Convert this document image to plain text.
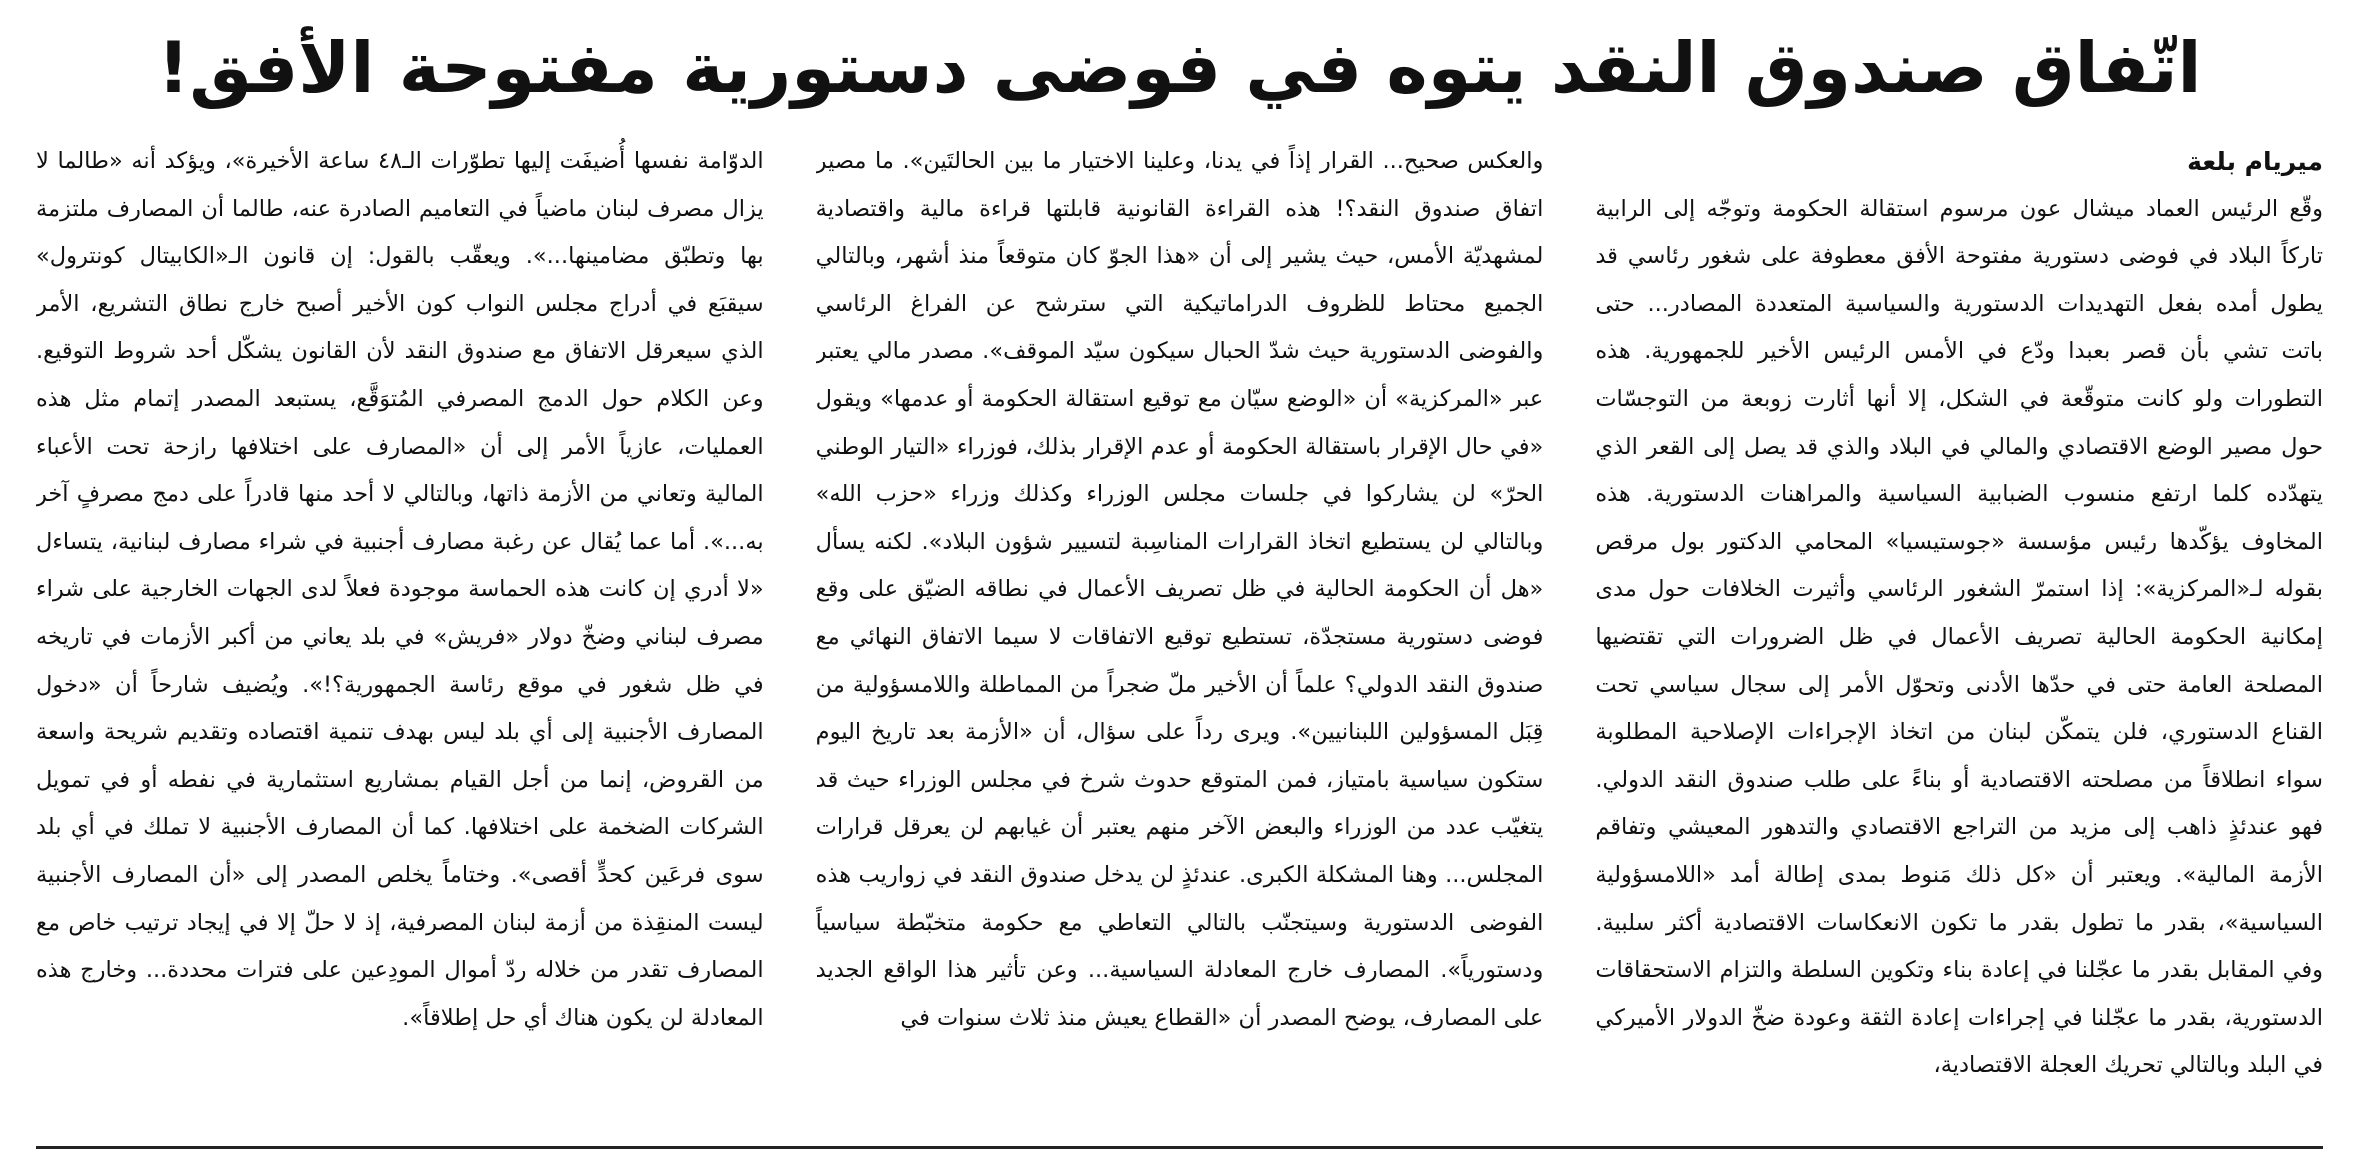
اتّفاق صندوق النقد يتوه في فوضى دستورية مفتوحة الأفق!
ميريام بلعة

وقّع الرئيس العماد ميشال عون مرسوم استقالة الحكومة وتوجّه إلى الرابية تاركاً البلاد في فوضى دستورية مفتوحة الأفق معطوفة على شغور رئاسي قد يطول أمده بفعل التهديدات الدستورية والسياسية المتعددة المصادر... حتى باتت تشي بأن قصر بعبدا ودّع في الأمس الرئيس الأخير للجمهورية. هذه التطورات ولو كانت متوقّعة في الشكل، إلا أنها أثارت زوبعة من التوجسّات حول مصير الوضع الاقتصادي والمالي في البلاد والذي قد يصل إلى القعر الذي يتهدّده كلما ارتفع منسوب الضبابية السياسية والمراهنات الدستورية. هذه المخاوف يؤكّدها رئيس مؤسسة «جوستيسيا» المحامي الدكتور بول مرقص بقوله لـ«المركزية»: إذا استمرّ الشغور الرئاسي وأثيرت الخلافات حول مدى إمكانية الحكومة الحالية تصريف الأعمال في ظل الضرورات التي تقتضيها المصلحة العامة حتى في حدّها الأدنى وتحوّل الأمر إلى سجال سياسي تحت القناع الدستوري، فلن يتمكّن لبنان من اتخاذ الإجراءات الإصلاحية المطلوبة سواء انطلاقاً من مصلحته الاقتصادية أو بناءً على طلب صندوق النقد الدولي. فهو عندئذٍ ذاهب إلى مزيد من التراجع الاقتصادي والتدهور المعيشي وتفاقم الأزمة المالية». ويعتبر أن «كل ذلك مَنوط بمدى إطالة أمد «اللامسؤولية السياسية»، بقدر ما تطول بقدر ما تكون الانعكاسات الاقتصادية أكثر سلبية. وفي المقابل بقدر ما عجّلنا في إعادة بناء وتكوين السلطة والتزام الاستحقاقات الدستورية، بقدر ما عجّلنا في إجراءات إعادة الثقة وعودة ضخّ الدولار الأميركي في البلد وبالتالي تحريك العجلة الاقتصادية،

والعكس صحيح... القرار إذاً في يدنا، وعلينا الاختيار ما بين الحالتَين». ما مصير اتفاق صندوق النقد؟! هذه القراءة القانونية قابلتها قراءة مالية واقتصادية لمشهديّة الأمس، حيث يشير إلى أن «هذا الجوّ كان متوقعاً منذ أشهر، وبالتالي الجميع محتاط للظروف الدراماتيكية التي سترشح عن الفراغ الرئاسي والفوضى الدستورية حيث شدّ الحبال سيكون سيّد الموقف». مصدر مالي يعتبر عبر «المركزية» أن «الوضع سيّان مع توقيع استقالة الحكومة أو عدمها» ويقول «في حال الإقرار باستقالة الحكومة أو عدم الإقرار بذلك، فوزراء «التيار الوطني الحرّ» لن يشاركوا في جلسات مجلس الوزراء وكذلك وزراء «حزب الله» وبالتالي لن يستطيع اتخاذ القرارات المناسِبة لتسيير شؤون البلاد». لكنه يسأل «هل أن الحكومة الحالية في ظل تصريف الأعمال في نطاقه الضيّق على وقع فوضى دستورية مستجدّة، تستطيع توقيع الاتفاقات لا سيما الاتفاق النهائي مع صندوق النقد الدولي؟ علماً أن الأخير ملّ ضجراً من المماطلة واللامسؤولية من قِبَل المسؤولين اللبنانيين». ويرى رداً على سؤال، أن «الأزمة بعد تاريخ اليوم ستكون سياسية بامتياز، فمن المتوقع حدوث شرخ في مجلس الوزراء حيث قد يتغيّب عدد من الوزراء والبعض الآخر منهم يعتبر أن غيابهم لن يعرقل قرارات المجلس... وهنا المشكلة الكبرى. عندئذٍ لن يدخل صندوق النقد في زواريب هذه الفوضى الدستورية وسيتجنّب بالتالي التعاطي مع حكومة متخبّطة سياسياً ودستورياً». المصارف خارج المعادلة السياسية... وعن تأثير هذا الواقع الجديد على المصارف، يوضح المصدر أن «القطاع يعيش منذ ثلاث سنوات في

الدوّامة نفسها أُضيفَت إليها تطوّرات الـ٤٨ ساعة الأخيرة»، ويؤكد أنه «طالما لا يزال مصرف لبنان ماضياً في التعاميم الصادرة عنه، طالما أن المصارف ملتزمة بها وتطبّق مضامينها...». ويعقّب بالقول: إن قانون الـ«الكابيتال كونترول» سيقبَع في أدراج مجلس النواب كون الأخير أصبح خارج نطاق التشريع، الأمر الذي سيعرقل الاتفاق مع صندوق النقد لأن القانون يشكّل أحد شروط التوقيع. وعن الكلام حول الدمج المصرفي المُتوَقَّع، يستبعد المصدر إتمام مثل هذه العمليات، عازياً الأمر إلى أن «المصارف على اختلافها رازحة تحت الأعباء المالية وتعاني من الأزمة ذاتها، وبالتالي لا أحد منها قادراً على دمج مصرفٍ آخر به...». أما عما يُقال عن رغبة مصارف أجنبية في شراء مصارف لبنانية، يتساءل «لا أدري إن كانت هذه الحماسة موجودة فعلاً لدى الجهات الخارجية على شراء مصرف لبناني وضخّ دولار «فريش» في بلد يعاني من أكبر الأزمات في تاريخه في ظل شغور في موقع رئاسة الجمهورية؟!». ويُضيف شارحاً أن «دخول المصارف الأجنبية إلى أي بلد ليس بهدف تنمية اقتصاده وتقديم شريحة واسعة من القروض، إنما من أجل القيام بمشاريع استثمارية في نفطه أو في تمويل الشركات الضخمة على اختلافها. كما أن المصارف الأجنبية لا تملك في أي بلد سوى فرعَين كحدٍّ أقصى». وختاماً يخلص المصدر إلى «أن المصارف الأجنبية ليست المنقِذة من أزمة لبنان المصرفية، إذ لا حلّ إلا في إيجاد ترتيب خاص مع المصارف تقدر من خلاله ردّ أموال المودِعين على فترات محددة... وخارج هذه المعادلة لن يكون هناك أي حل إطلاقاً».
